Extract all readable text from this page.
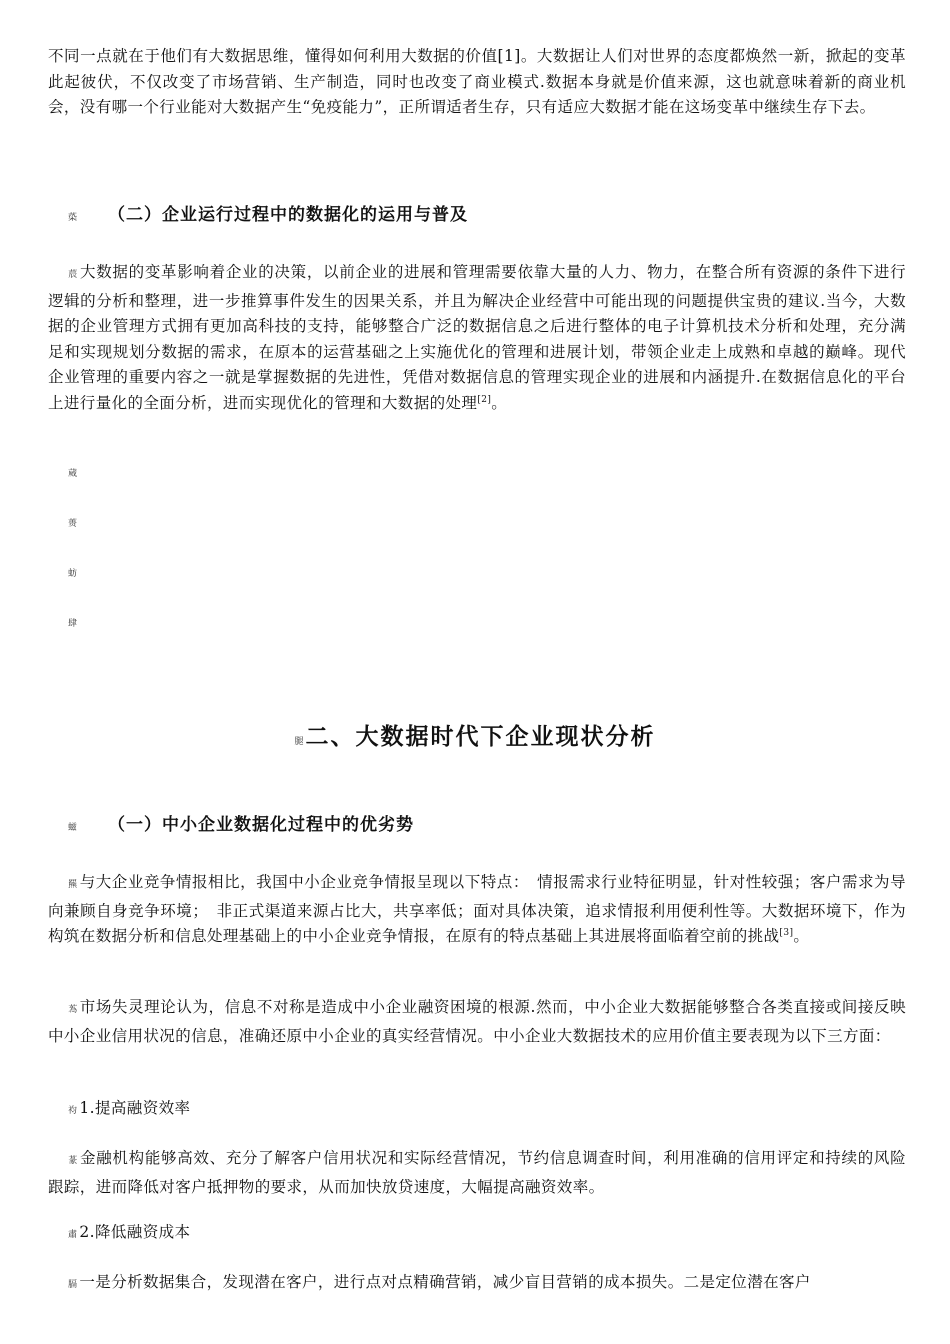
不同一点就在于他们有大数据思维，懂得如何利用大数据的价值[1]。大数据让人们对世界的态度都焕然一新，掀起的变革此起彼伏，不仅改变了市场营销、生产制造，同时也改变了商业模式.数据本身就是价值来源，这也就意味着新的商业机会，没有哪一个行业能对大数据产生“免疫能力”，正所谓适者生存，只有适应大数据才能在这场变革中继续生存下去。
蒅 （二）企业运行过程中的数据化的运用与普及
莀 大数据的变革影响着企业的决策，以前企业的进展和管理需要依靠大量的人力、物力，在整合所有资源的条件下进行逻辑的分析和整理，进一步推算事件发生的因果关系，并且为解决企业经营中可能出现的问题提供宝贵的建议.当今，大数据的企业管理方式拥有更加高科技的支持，能够整合广泛的数据信息之后进行整体的电子计算机技术分析和处理，充分满足和实现规划分数据的需求，在原本的运营基础之上实施优化的管理和进展计划，带领企业走上成熟和卓越的巅峰。现代企业管理的重要内容之一就是掌握数据的先进性，凭借对数据信息的管理实现企业的进展和内涵提升.在数据信息化的平台上进行量化的全面分析，进而实现优化的管理和大数据的处理[2]。
蒇
蒉
蚄
肆
腿二、大数据时代下企业现状分析
螆 （一）中小企业数据化过程中的优劣势
羆 与大企业竞争情报相比，我国中小企业竞争情报呈现以下特点：　情报需求行业特征明显，针对性较强；客户需求为导向兼顾自身竞争环境；　非正式渠道来源占比大，共享率低；面对具体决策，追求情报利用便利性等。大数据环境下，作为构筑在数据分析和信息处理基础上的中小企业竞争情报，在原有的特点基础上其进展将面临着空前的挑战[3]。
蒍 市场失灵理论认为，信息不对称是造成中小企业融资困境的根源.然而，中小企业大数据能够整合各类直接或间接反映中小企业信用状况的信息，准确还原中小企业的真实经营情况。中小企业大数据技术的应用价值主要表现为以下三方面：
袀 1.提高融资效率
蒃 金融机构能够高效、充分了解客户信用状况和实际经营情况，节约信息调查时间，利用准确的信用评定和持续的风险跟踪，进而降低对客户抵押物的要求，从而加快放贷速度，大幅提高融资效率。
肅 2.降低融资成本
膈 一是分析数据集合，发现潜在客户，进行点对点精确营销，减少盲目营销的成本损失。二是定位潜在客户
